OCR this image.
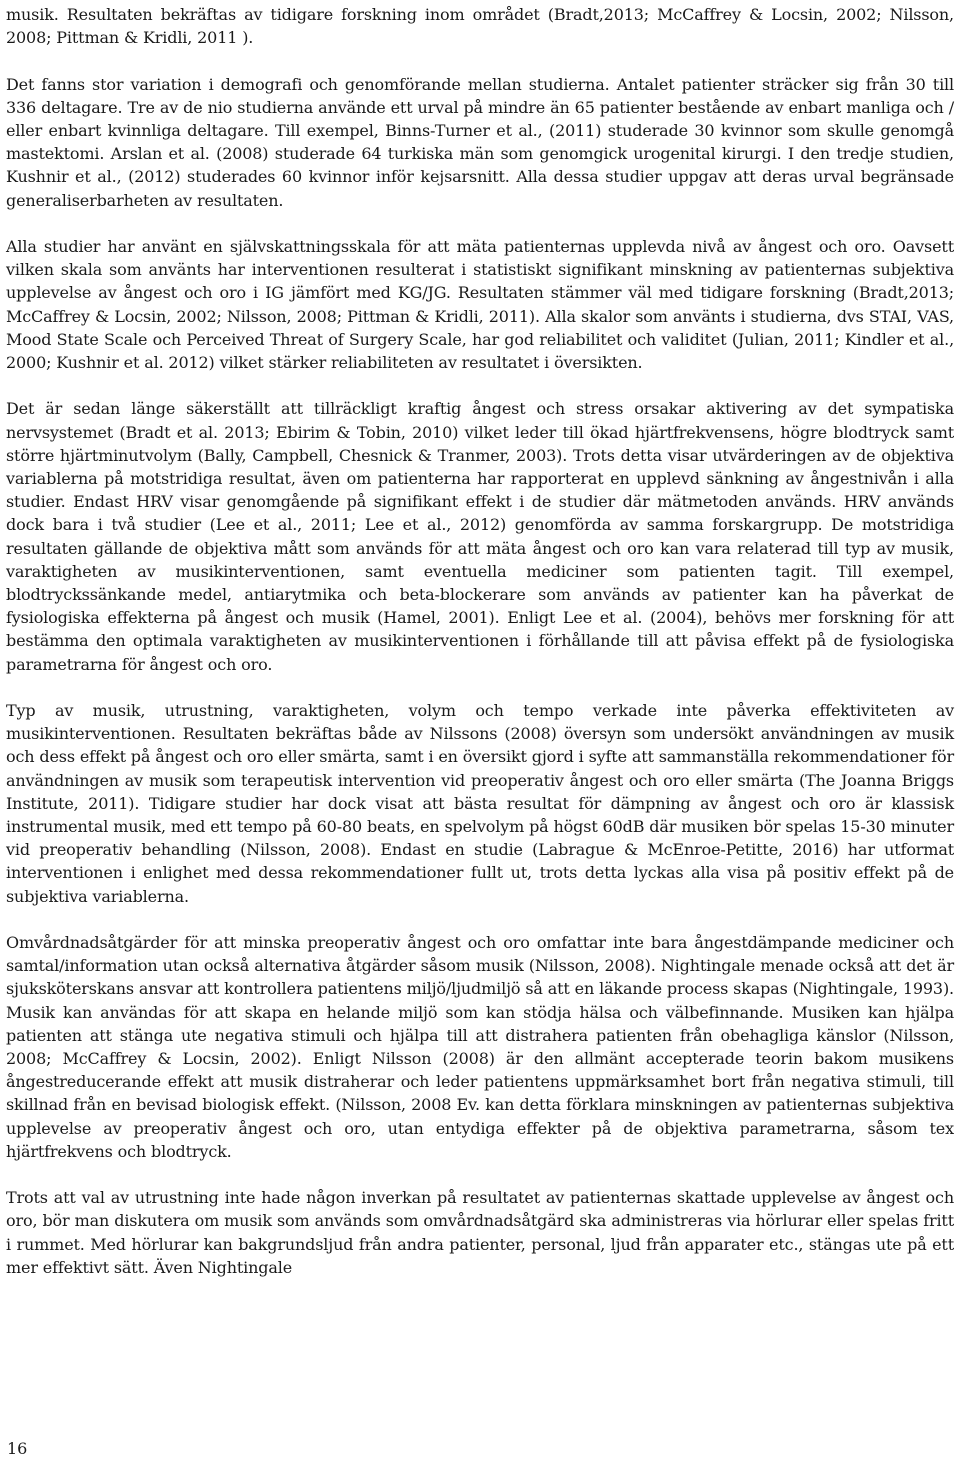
musik. Resultaten bekräftas av tidigare forskning inom området (Bradt,2013; McCaffrey & Locsin, 2002; Nilsson, 2008; Pittman & Kridli, 2011 ).

Det fanns stor variation i demografi och genomförande mellan studierna. Antalet patienter sträcker sig från 30 till 336 deltagare. Tre av de nio studierna använde ett urval på mindre än 65 patienter bestående av enbart manliga och / eller enbart kvinnliga deltagare. Till exempel, Binns-Turner et al., (2011) studerade 30 kvinnor som skulle genomgå mastektomi. Arslan et al. (2008) studerade 64 turkiska män som genomgick urogenital kirurgi. I den tredje studien, Kushnir et al., (2012) studerades 60 kvinnor inför kejsarsnitt. Alla dessa studier uppgav att deras urval begränsade generaliserbarheten av resultaten.

Alla studier har använt en självskattningsskala för att mäta patienternas upplevda nivå av ångest och oro. Oavsett vilken skala som använts har interventionen resulterat i statistiskt signifikant minskning av patienternas subjektiva upplevelse av ångest och oro i IG jämfört med KG/JG. Resultaten stämmer väl med tidigare forskning (Bradt,2013; McCaffrey & Locsin, 2002; Nilsson, 2008; Pittman & Kridli, 2011). Alla skalor som använts i studierna, dvs STAI, VAS, Mood State Scale och Perceived Threat of Surgery Scale, har god reliabilitet och validitet (Julian, 2011; Kindler et al., 2000; Kushnir et al. 2012) vilket stärker reliabiliteten av resultatet i översikten.

Det är sedan länge säkerställt att tillräckligt kraftig ångest och stress orsakar aktivering av det sympatiska nervsystemet (Bradt et al. 2013; Ebirim & Tobin, 2010) vilket leder till ökad hjärtfrekvensens, högre blodtryck samt större hjärtminutvolym (Bally, Campbell, Chesnick & Tranmer, 2003). Trots detta visar utvärderingen av de objektiva variablerna på motstridiga resultat, även om patienterna har rapporterat en upplevd sänkning av ångestnivån i alla studier. Endast HRV visar genomgående på signifikant effekt i de studier där mätmetoden används. HRV används dock bara i två studier (Lee et al., 2011; Lee et al., 2012) genomförda av samma forskargrupp. De motstridiga resultaten gällande de objektiva mått som används för att mäta ångest och oro kan vara relaterad till typ av musik, varaktigheten av musikinterventionen, samt eventuella mediciner som patienten tagit. Till exempel, blodtryckssänkande medel, antiarytmika och beta-blockerare som används av patienter kan ha påverkat de fysiologiska effekterna på ångest och musik (Hamel, 2001). Enligt Lee et al. (2004), behövs mer forskning för att bestämma den optimala varaktigheten av musikinterventionen i förhållande till att påvisa effekt på de fysiologiska parametrarna för ångest och oro.

Typ av musik, utrustning, varaktigheten, volym och tempo verkade inte påverka effektiviteten av musikinterventionen. Resultaten bekräftas både av Nilssons (2008) översyn som undersökt användningen av musik och dess effekt på ångest och oro eller smärta, samt i en översikt gjord i syfte att sammanställa rekommendationer för användningen av musik som terapeutisk intervention vid preoperativ ångest och oro eller smärta (The Joanna Briggs Institute, 2011). Tidigare studier har dock visat att bästa resultat för dämpning av ångest och oro är klassisk instrumental musik, med ett tempo på 60-80 beats, en spelvolym på högst 60dB där musiken bör spelas 15-30 minuter vid preoperativ behandling (Nilsson, 2008). Endast en studie (Labrague & McEnroe-Petitte, 2016) har utformat interventionen i enlighet med dessa rekommendationer fullt ut, trots detta lyckas alla visa på positiv effekt på de subjektiva variablerna.

Omvårdnadsåtgärder för att minska preoperativ ångest och oro omfattar inte bara ångestdämpande mediciner och samtal/information utan också alternativa åtgärder såsom musik (Nilsson, 2008). Nightingale menade också att det är sjuksköterskans ansvar att kontrollera patientens miljö/ljudmiljö så att en läkande process skapas (Nightingale, 1993). Musik kan användas för att skapa en helande miljö som kan stödja hälsa och välbefinnande. Musiken kan hjälpa patienten att stänga ute negativa stimuli och hjälpa till att distrahera patienten från obehagliga känslor (Nilsson, 2008; McCaffrey & Locsin, 2002). Enligt Nilsson (2008) är den allmänt accepterade teorin bakom musikens ångestreducerande effekt att musik distraherar och leder patientens uppmärksamhet bort från negativa stimuli, till skillnad från en bevisad biologisk effekt. (Nilsson, 2008 Ev. kan detta förklara minskningen av patienternas subjektiva upplevelse av preoperativ ångest och oro, utan entydiga effekter på de objektiva parametrarna, såsom tex hjärtfrekvens och blodtryck.

Trots att val av utrustning inte hade någon inverkan på resultatet av patienternas skattade upplevelse av ångest och oro, bör man diskutera om musik som används som omvårdnadsåtgärd ska administreras via hörlurar eller spelas fritt i rummet. Med hörlurar kan bakgrundsljud från andra patienter, personal, ljud från apparater etc., stängas ute på ett mer effektivt sätt. Även Nightingale

16
